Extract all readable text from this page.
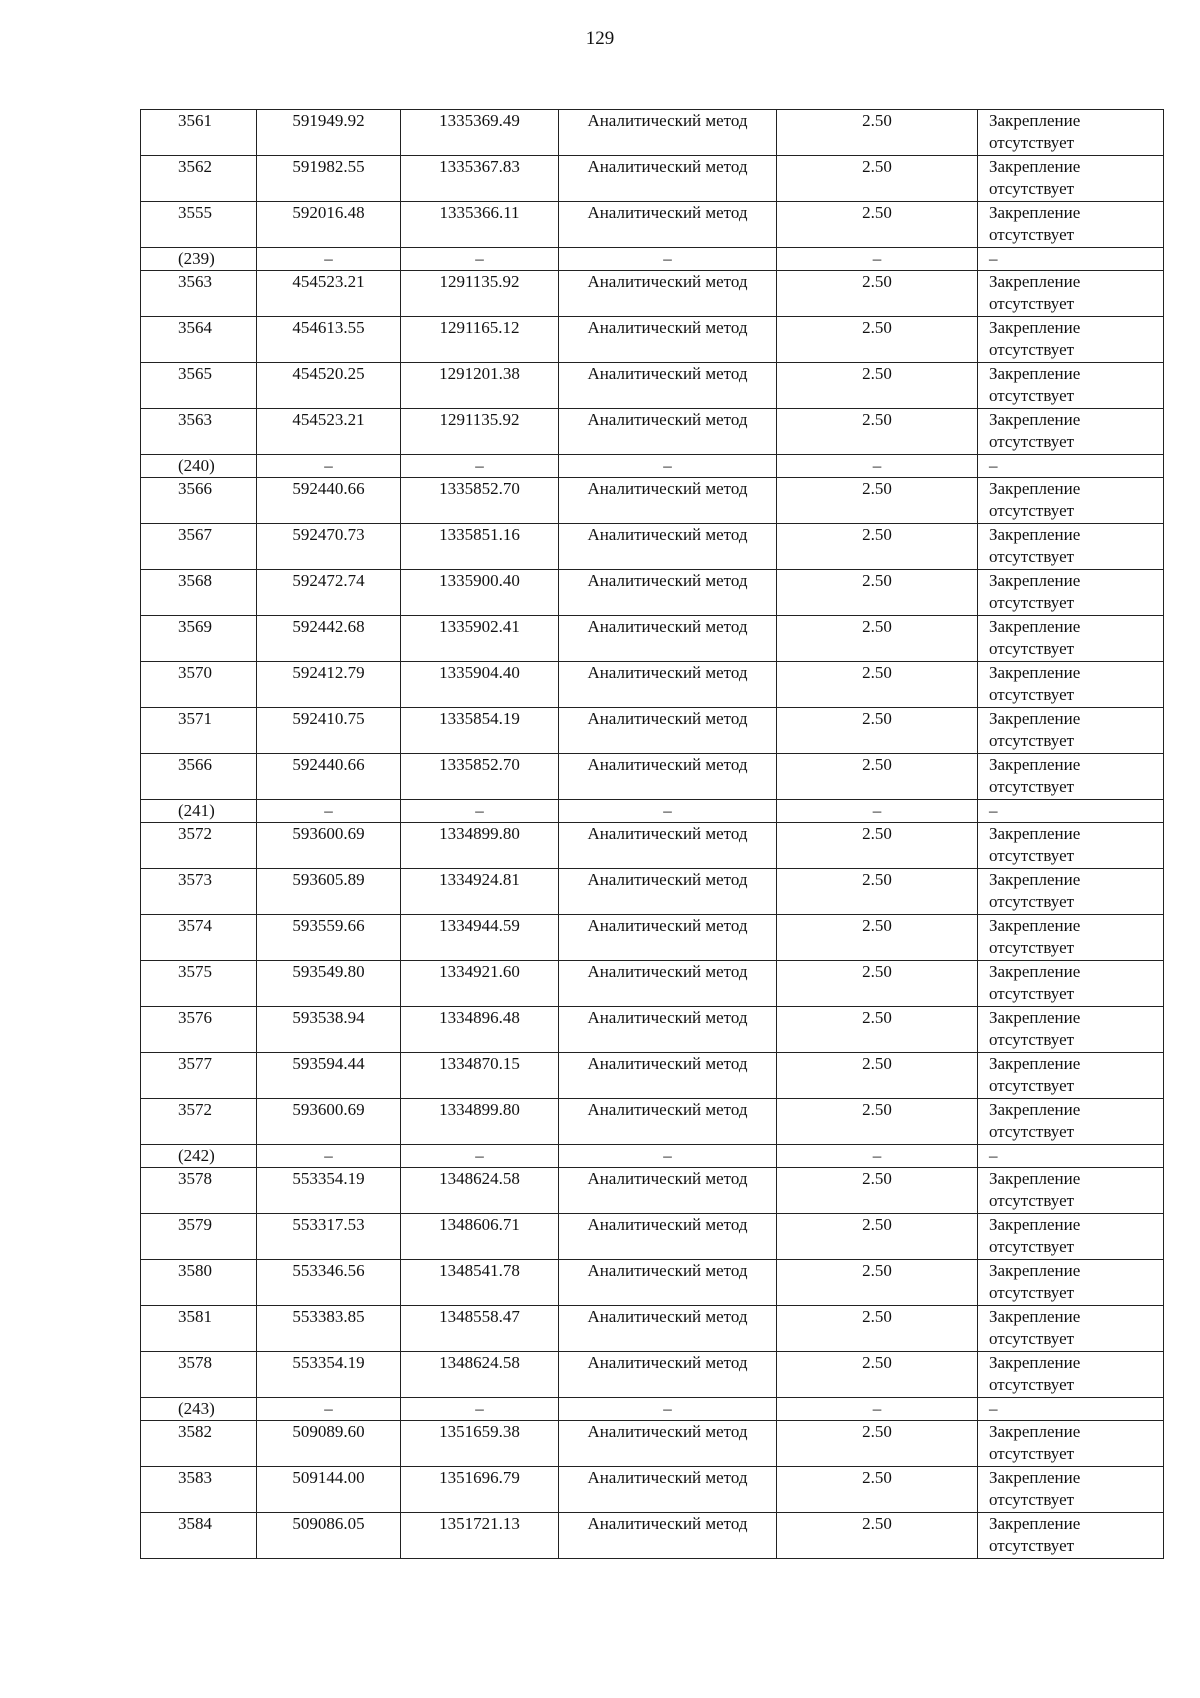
129
3561	591949.92	1335369.49	Аналитический метод	2.50	Закрепление отсутствует

3562	591982.55	1335367.83	Аналитический метод	2.50	Закрепление отсутствует

3555	592016.48	1335366.11	Аналитический метод	2.50	Закрепление отсутствует

(239)	–	–	–	–	–
3563	454523.21	1291135.92	Аналитический метод	2.50	Закрепление отсутствует

3564	454613.55	1291165.12	Аналитический метод	2.50	Закрепление отсутствует

3565	454520.25	1291201.38	Аналитический метод	2.50	Закрепление отсутствует

3563	454523.21	1291135.92	Аналитический метод	2.50	Закрепление отсутствует

(240)	–	–	–	–	–
3566	592440.66	1335852.70	Аналитический метод	2.50	Закрепление отсутствует

3567	592470.73	1335851.16	Аналитический метод	2.50	Закрепление отсутствует

3568	592472.74	1335900.40	Аналитический метод	2.50	Закрепление отсутствует

3569	592442.68	1335902.41	Аналитический метод	2.50	Закрепление отсутствует

3570	592412.79	1335904.40	Аналитический метод	2.50	Закрепление отсутствует

3571	592410.75	1335854.19	Аналитический метод	2.50	Закрепление отсутствует

3566	592440.66	1335852.70	Аналитический метод	2.50	Закрепление отсутствует

(241)	–	–	–	–	–
3572	593600.69	1334899.80	Аналитический метод	2.50	Закрепление отсутствует

3573	593605.89	1334924.81	Аналитический метод	2.50	Закрепление отсутствует

3574	593559.66	1334944.59	Аналитический метод	2.50	Закрепление отсутствует

3575	593549.80	1334921.60	Аналитический метод	2.50	Закрепление отсутствует

3576	593538.94	1334896.48	Аналитический метод	2.50	Закрепление отсутствует

3577	593594.44	1334870.15	Аналитический метод	2.50	Закрепление отсутствует

3572	593600.69	1334899.80	Аналитический метод	2.50	Закрепление отсутствует

(242)	–	–	–	–	–
3578	553354.19	1348624.58	Аналитический метод	2.50	Закрепление отсутствует

3579	553317.53	1348606.71	Аналитический метод	2.50	Закрепление отсутствует

3580	553346.56	1348541.78	Аналитический метод	2.50	Закрепление отсутствует

3581	553383.85	1348558.47	Аналитический метод	2.50	Закрепление отсутствует

3578	553354.19	1348624.58	Аналитический метод	2.50	Закрепление отсутствует

(243)	–	–	–	–	–
3582	509089.60	1351659.38	Аналитический метод	2.50	Закрепление отсутствует

3583	509144.00	1351696.79	Аналитический метод	2.50	Закрепление отсутствует

3584	509086.05	1351721.13	Аналитический метод	2.50	Закрепление отсутствует
